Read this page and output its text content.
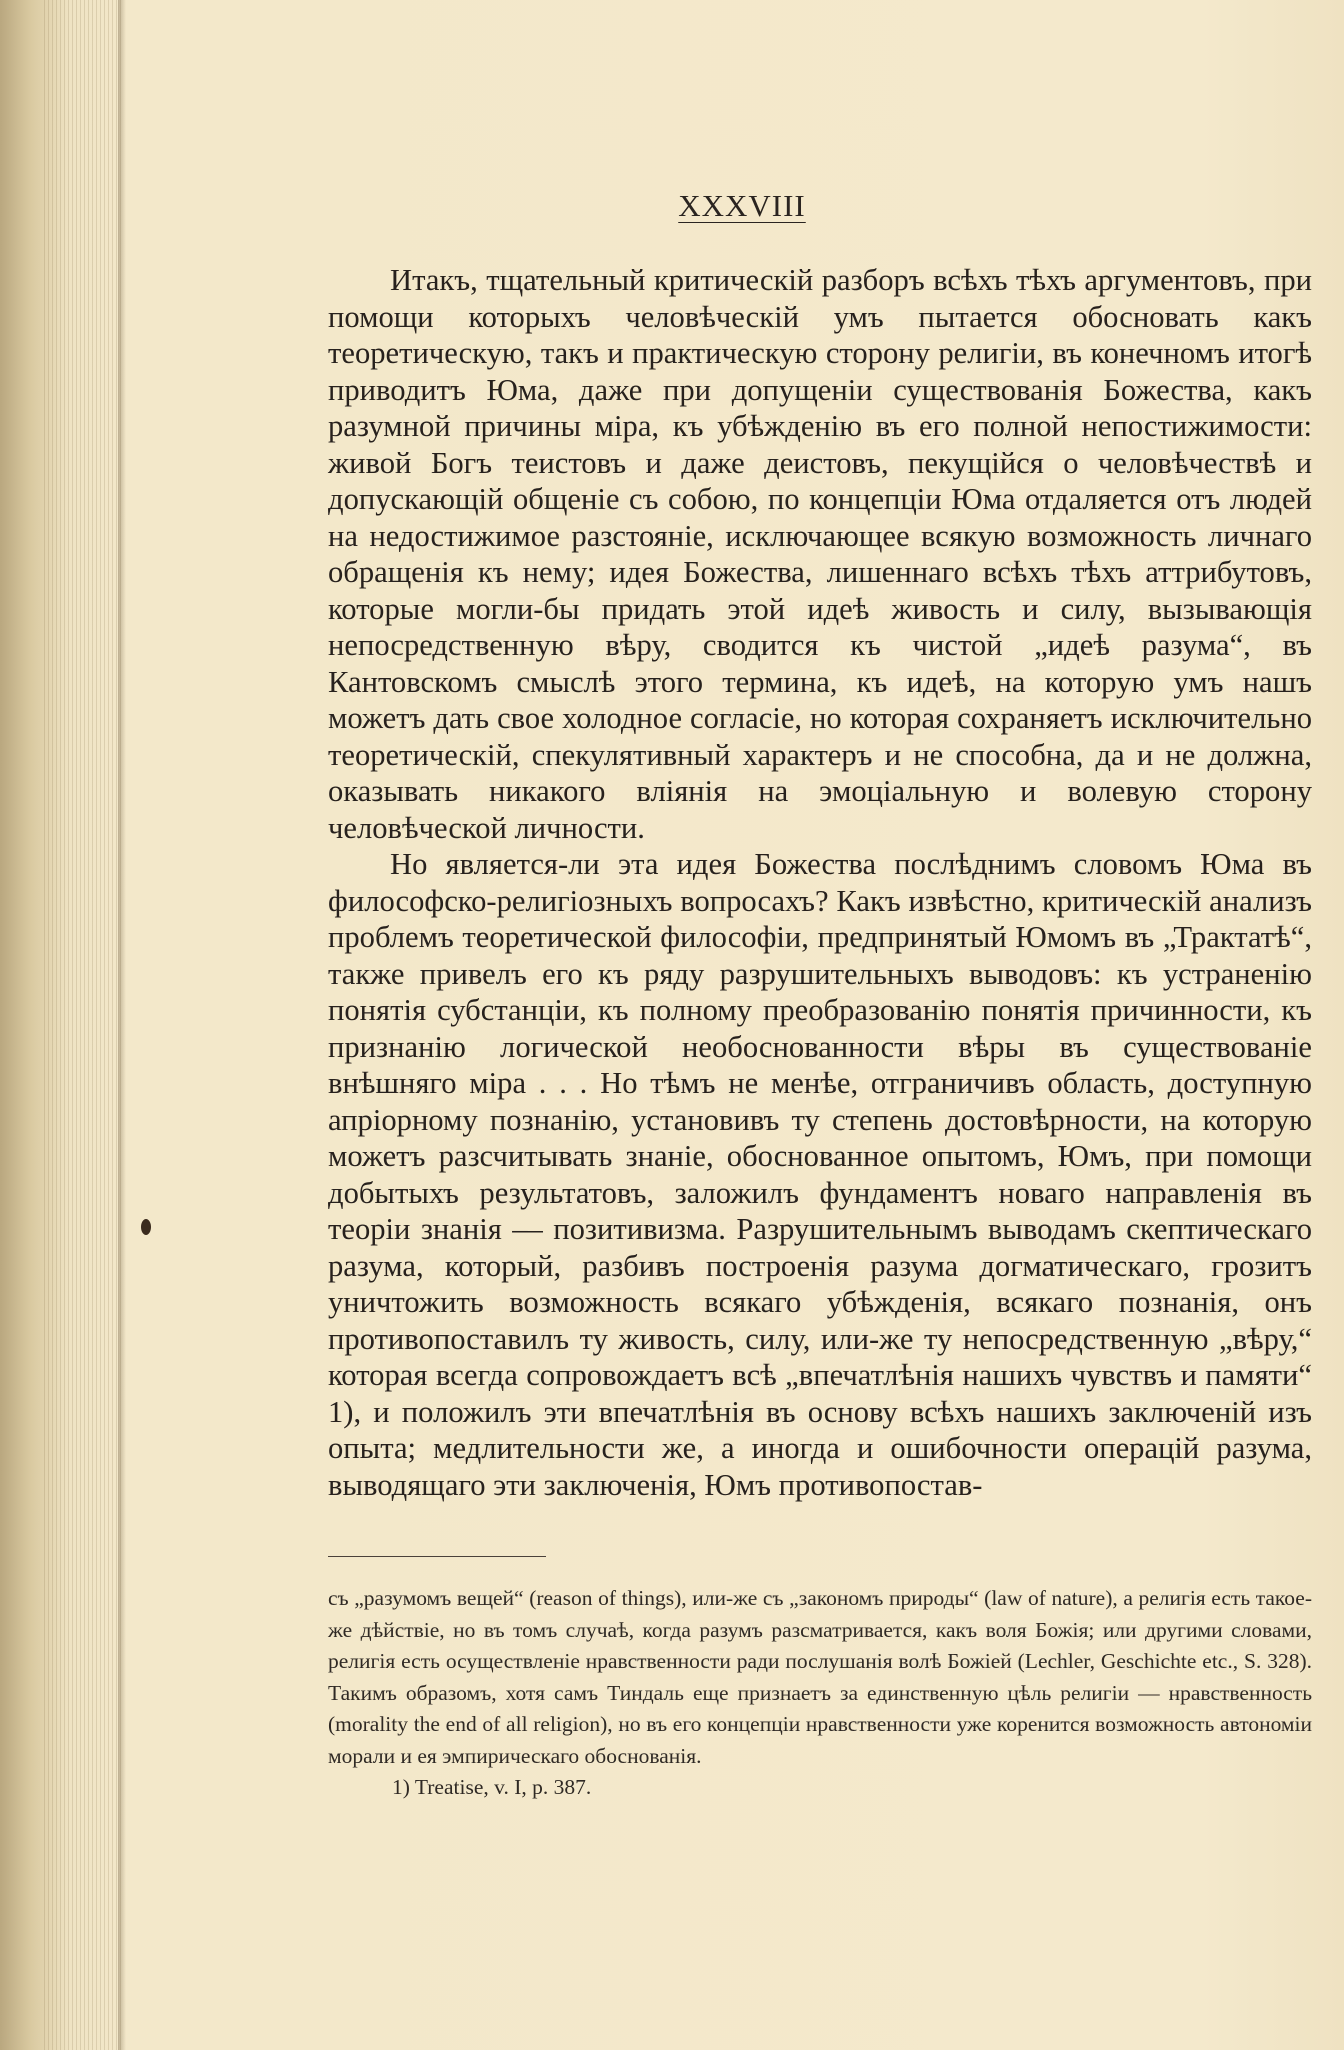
XXXVIII

Итакъ, тщательный критическій разборъ всѣхъ тѣхъ аргументовъ, при помощи которыхъ человѣческій умъ пытается обосновать какъ теоретическую, такъ и практическую сторону религіи, въ конечномъ итогѣ приводитъ Юма, даже при допущеніи существованія Божества, какъ разумной причины міра, къ убѣжденію въ его полной непостижимости: живой Богъ теистовъ и даже деистовъ, пекущійся о человѣчествѣ и допускающій общеніе съ собою, по концепціи Юма отдаляется отъ людей на недостижимое разстояніе, исключающее всякую возможность личнаго обращенія къ нему; идея Божества, лишеннаго всѣхъ тѣхъ аттрибутовъ, которые могли-бы придать этой идеѣ живость и силу, вызывающія непосредственную вѣру, сводится къ чистой „идеѣ разума“, въ Кантовскомъ смыслѣ этого термина, къ идеѣ, на которую умъ нашъ можетъ дать свое холодное согласіе, но которая сохраняетъ исключительно теоретическій, спекулятивный характеръ и не способна, да и не должна, оказывать никакого вліянія на эмоціальную и волевую сторону человѣческой личности.

Но является-ли эта идея Божества послѣднимъ словомъ Юма въ философско-религіозныхъ вопросахъ? Какъ извѣстно, критическій анализъ проблемъ теоретической философіи, предпринятый Юмомъ въ „Трактатѣ“, также привелъ его къ ряду разрушительныхъ выводовъ: къ устраненію понятія субстанціи, къ полному преобразованію понятія причинности, къ признанію логической необоснованности вѣры въ существованіе внѣшняго міра . . . Но тѣмъ не менѣе, отграничивъ область, доступную апріорному познанію, установивъ ту степень достовѣрности, на которую можетъ разсчитывать знаніе, обоснованное опытомъ, Юмъ, при помощи добытыхъ результатовъ, заложилъ фундаментъ новаго направленія въ теоріи знанія –– позитивизма. Разрушительнымъ выводамъ скептическаго разума, который, разбивъ построенія разума догматическаго, грозитъ уничтожить возможность всякаго убѣжденія, всякаго познанія, онъ противопоставилъ ту живость, силу, или-же ту непосредственную „вѣру,“ которая всегда сопровождаетъ всѣ „впечатлѣнія нашихъ чувствъ и памяти“ 1), и положилъ эти впечатлѣнія въ основу всѣхъ нашихъ заключеній изъ опыта; медлительности же, а иногда и ошибочности операцій разума, выводящаго эти заключенія, Юмъ противопостав-

съ „разумомъ вещей“ (reason of things), или-же съ „закономъ природы“ (law of nature), а религія есть такое-же дѣйствіе, но въ томъ случаѣ, когда разумъ разсматривается, какъ воля Божія; или другими словами, религія есть осуществленіе нравственности ради послушанія волѣ Божіей (Lechler, Geschichte etc., S. 328). Такимъ образомъ, хотя самъ Тиндаль еще признаетъ за единственную цѣль религіи — нравственность (morality the end of all religion), но въ его концепціи нравственности уже коренится возможность автономіи морали и ея эмпирическаго обоснованія.

1) Treatise, v. I, p. 387.
